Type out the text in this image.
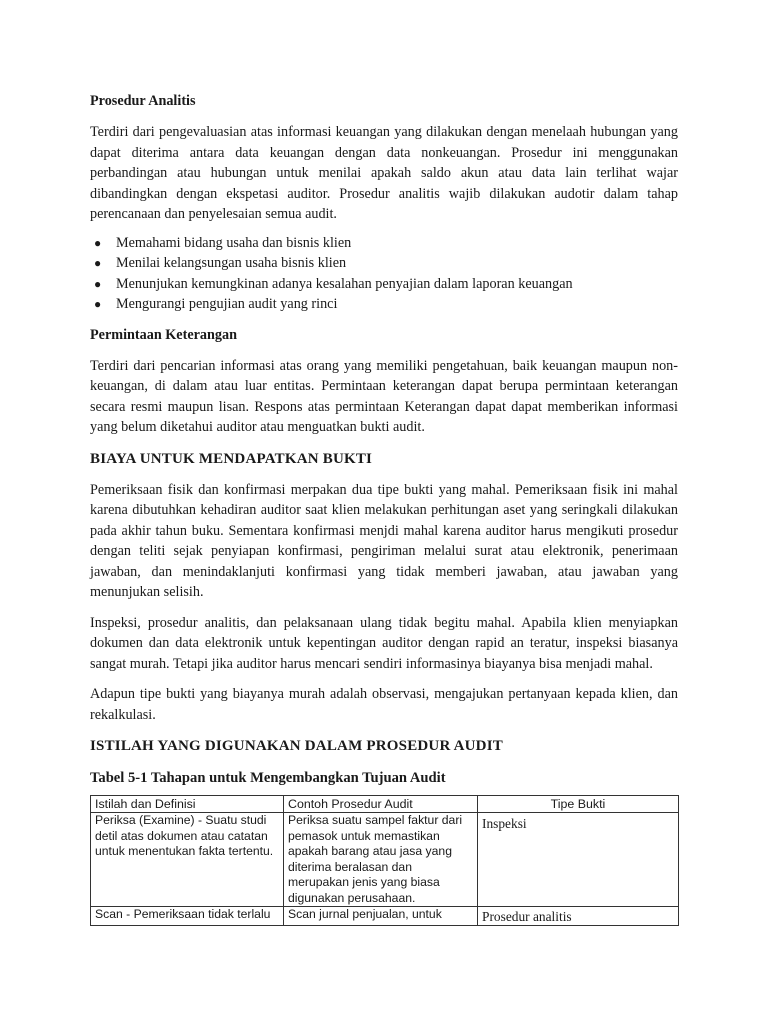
Prosedur Analitis

Terdiri dari pengevaluasian atas informasi keuangan yang dilakukan dengan menelaah hubungan yang dapat diterima antara data keuangan dengan data nonkeuangan. Prosedur ini menggunakan perbandingan atau hubungan untuk menilai apakah saldo akun atau data lain terlihat wajar dibandingkan dengan ekspetasi auditor. Prosedur analitis wajib dilakukan audotir dalam tahap perencanaan dan penyelesaian semua audit.

● Memahami bidang usaha dan bisnis klien
● Menilai kelangsungan usaha bisnis klien
● Menunjukan kemungkinan adanya kesalahan penyajian dalam laporan keuangan
● Mengurangi pengujian audit yang rinci
Permintaan Keterangan

Terdiri dari pencarian informasi atas orang yang memiliki pengetahuan, baik keuangan maupun non-keuangan, di dalam atau luar entitas. Permintaan keterangan dapat berupa permintaan keterangan secara resmi maupun lisan. Respons atas permintaan Keterangan dapat dapat memberikan informasi yang belum diketahui auditor atau menguatkan bukti audit.

BIAYA UNTUK MENDAPATKAN BUKTI

Pemeriksaan fisik dan konfirmasi merpakan dua tipe bukti yang mahal. Pemeriksaan fisik ini mahal karena dibutuhkan kehadiran auditor saat klien melakukan perhitungan aset yang seringkali dilakukan pada akhir tahun buku. Sementara konfirmasi menjdi mahal karena auditor harus mengikuti prosedur dengan teliti sejak penyiapan konfirmasi, pengiriman melalui surat atau elektronik, penerimaan jawaban, dan menindaklanjuti konfirmasi yang tidak memberi jawaban, atau jawaban yang menunjukan selisih.

Inspeksi, prosedur analitis, dan pelaksanaan ulang tidak begitu mahal. Apabila klien menyiapkan dokumen dan data elektronik untuk kepentingan auditor dengan rapid an teratur, inspeksi biasanya sangat murah. Tetapi jika auditor harus mencari sendiri informasinya biayanya bisa menjadi mahal.

Adapun tipe bukti yang biayanya murah adalah observasi, mengajukan pertanyaan kepada klien, dan rekalkulasi.

ISTILAH YANG DIGUNAKAN DALAM PROSEDUR AUDIT
Tabel 5-1 Tahapan untuk Mengembangkan Tujuan Audit
Istilah dan Definisi	Contoh Prosedur Audit	Tipe Bukti
Periksa (Examine) - Suatu studi detil atas dokumen atau catatan untuk menentukan fakta tertentu.	Periksa suatu sampel faktur dari pemasok untuk memastikan apakah barang atau jasa yang diterima beralasan dan merupakan jenis yang biasa digunakan perusahaan.	Inspeksi
Scan - Pemeriksaan tidak terlalu	Scan jurnal penjualan, untuk	Prosedur analitis
